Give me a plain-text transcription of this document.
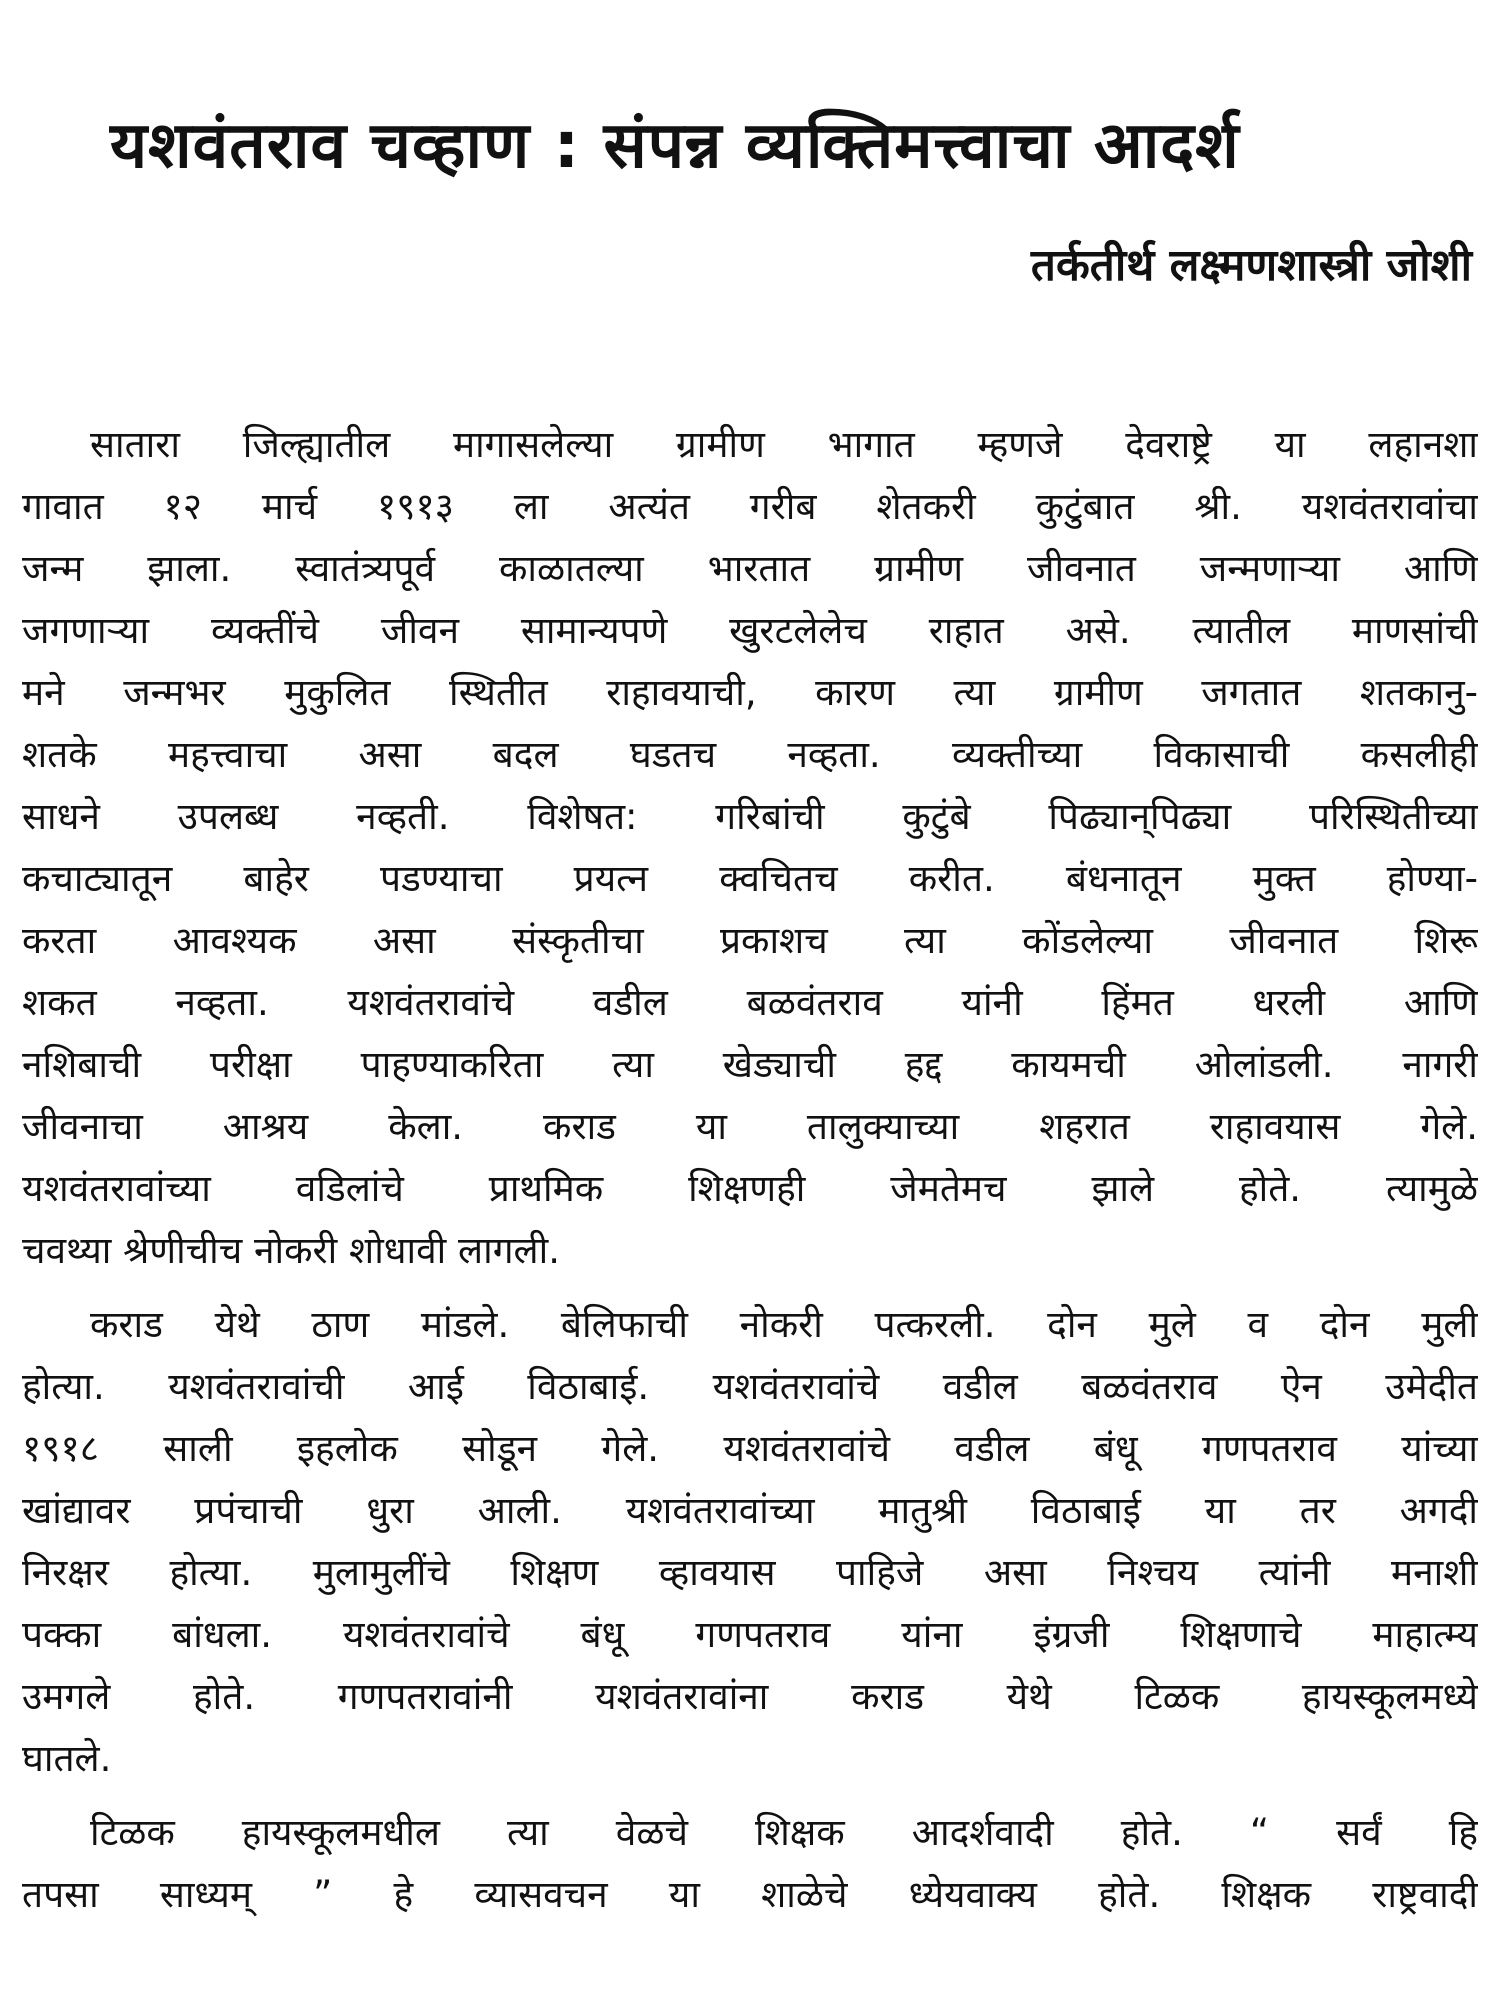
यशवंतराव चव्हाण : संपन्न व्यक्तिमत्त्वाचा आदर्श
तर्कतीर्थ लक्ष्मणशास्त्री जोशी
सातारा जिल्ह्यातील मागासलेल्या ग्रामीण भागात म्हणजे देवराष्ट्रे या लहानशा
गावात १२ मार्च १९१३ ला अत्यंत गरीब शेतकरी कुटुंबात श्री. यशवंतरावांचा
जन्म झाला. स्वातंत्र्यपूर्व काळातल्या भारतात ग्रामीण जीवनात जन्मणाऱ्या आणि
जगणाऱ्या व्यक्तींचे जीवन सामान्यपणे खुरटलेलेच राहात असे. त्यातील माणसांची
मने जन्मभर मुकुलित स्थितीत राहावयाची, कारण त्या ग्रामीण जगतात शतकानु-
शतके महत्त्वाचा असा बदल घडतच नव्हता. व्यक्तीच्या विकासाची कसलीही
साधने उपलब्ध नव्हती. विशेषत: गरिबांची कुटुंबे पिढ्यान्‌पिढ्या परिस्थितीच्या
कचाट्यातून बाहेर पडण्याचा प्रयत्न क्वचितच करीत. बंधनातून मुक्त होण्या-
करता आवश्यक असा संस्कृतीचा प्रकाशच त्या कोंडलेल्या जीवनात शिरू
शकत नव्हता. यशवंतरावांचे वडील बळवंतराव यांनी हिंमत धरली आणि
नशिबाची परीक्षा पाहण्याकरिता त्या खेड्याची हद्द कायमची ओलांडली. नागरी
जीवनाचा आश्रय केला. कराड या तालुक्याच्या शहरात राहावयास गेले.
यशवंतरावांच्या वडिलांचे प्राथमिक शिक्षणही जेमतेमच झाले होते. त्यामुळे
चवथ्या श्रेणीचीच नोकरी शोधावी लागली.
कराड येथे ठाण मांडले. बेलिफाची नोकरी पत्करली. दोन मुले व दोन मुली
होत्या. यशवंतरावांची आई विठाबाई. यशवंतरावांचे वडील बळवंतराव ऐन उमेदीत
१९१८ साली इहलोक सोडून गेले. यशवंतरावांचे वडील बंधू गणपतराव यांच्या
खांद्यावर प्रपंचाची धुरा आली. यशवंतरावांच्या मातुश्री विठाबाई या तर अगदी
निरक्षर होत्या. मुलामुलींचे शिक्षण व्हावयास पाहिजे असा निश्चय त्यांनी मनाशी
पक्का बांधला. यशवंतरावांचे बंधू गणपतराव यांना इंग्रजी शिक्षणाचे माहात्म्य
उमगले होते. गणपतरावांनी यशवंतरावांना कराड येथे टिळक हायस्कूलमध्ये
घातले.
टिळक हायस्कूलमधील त्या वेळचे शिक्षक आदर्शवादी होते. “ सर्वं हि
तपसा साध्यम् ” हे व्यासवचन या शाळेचे ध्येयवाक्य होते. शिक्षक राष्ट्रवादी
